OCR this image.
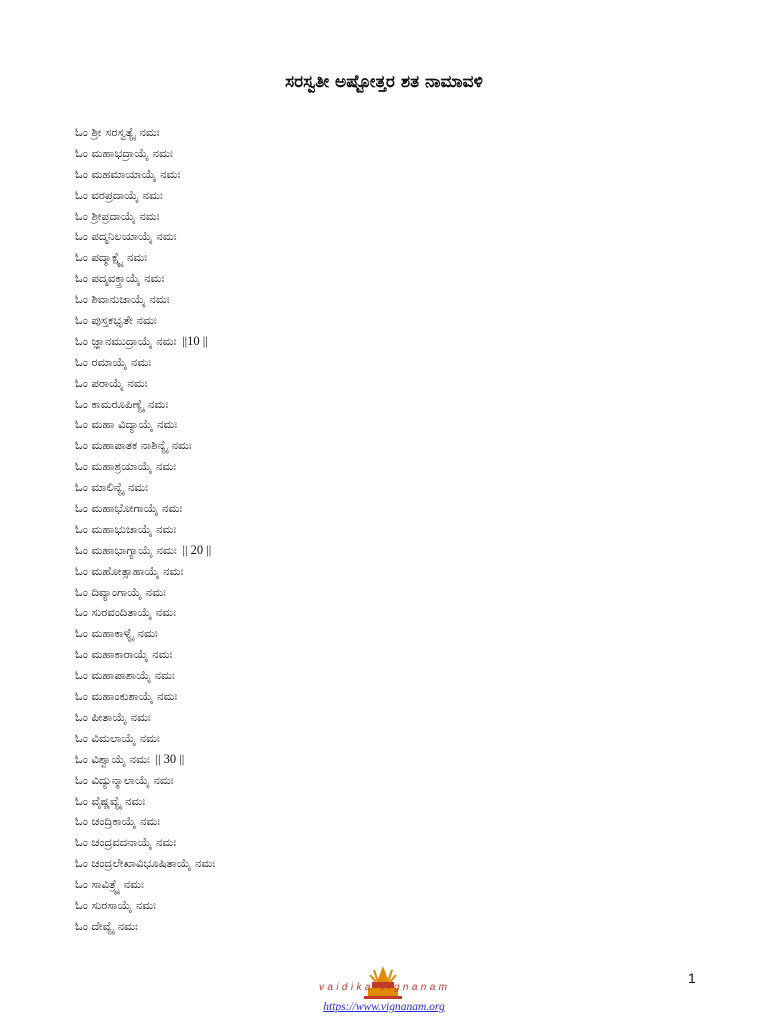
ಸರಸ್ವತೀ ಅಷ್ಟೋತ್ತರ ಶತ ನಾಮಾವಳಿ
ಓಂ ಶ್ರೀ ಸರಸ್ವತ್ಯೈ ನಮಃ
ಓಂ ಮಹಾಭದ್ರಾಯೈ ನಮಃ
ಓಂ ಮಹಮಾಯಾಯೈ ನಮಃ
ಓಂ ವರಪ್ರದಾಯೈ ನಮಃ
ಓಂ ಶ್ರೀಪ್ರದಾಯೈ ನಮಃ
ಓಂ ಪದ್ಮನಿಲಯಾಯೈ ನಮಃ
ಓಂ ಪದ್ಮಾಕ್ಷ್ಯೈ ನಮಃ
ಓಂ ಪದ್ಮವಕ್ತ್ರಾಯೈ ನಮಃ
ಓಂ ಶಿವಾನುಜಾಯೈ ನಮಃ
ಓಂ ಪುಸ್ತಕಭೃತೇ ನಮಃ
ಓಂ ಜ್ಞಾನಮುದ್ರಾಯೈ ನಮಃ ||10 ||
ಓಂ ರಮಾಯೈ ನಮಃ
ಓಂ ಪರಾಯೈ ನಮಃ
ಓಂ ಕಾಮರೂಪಿಣ್ಯೈ ನಮಃ
ಓಂ ಮಹಾ ವಿದ್ಯಾಯೈ ನಮಃ
ಓಂ ಮಹಾಪಾತಕ ನಾಶಿನ್ಯೈ ನಮಃ
ಓಂ ಮಹಾಶ್ರಯಾಯೈ ನಮಃ
ಓಂ ಮಾಲಿನ್ಯೈ ನಮಃ
ಓಂ ಮಹಾಭೋಗಾಯೈ ನಮಃ
ಓಂ ಮಹಾಭುಜಾಯೈ ನಮಃ
ಓಂ ಮಹಾಭಾಗ್ಯಾಯೈ ನಮಃ || 20 ||
ಓಂ ಮಹೋತ್ಸಾಹಾಯೈ ನಮಃ
ಓಂ ದಿವ್ಯಾಂಗಾಯೈ ನಮಃ
ಓಂ ಸುರವಂದಿತಾಯೈ ನಮಃ
ಓಂ ಮಹಾಕಾಳ್ಯೈ ನಮಃ
ಓಂ ಮಹಾಕಾರಾಯೈ ನಮಃ
ಓಂ ಮಹಾಪಾಶಾಯೈ ನಮಃ
ಓಂ ಮಹಾಂಕುಶಾಯೈ ನಮಃ
ಓಂ ಪೀತಾಯೈ ನಮಃ
ಓಂ ವಿಮಲಾಯೈ ನಮಃ
ಓಂ ವಿಶ್ವಾಯೈ ನಮಃ || 30 ||
ಓಂ ವಿದ್ಯುನ್ಮಾಲಾಯೈ ನಮಃ
ಓಂ ವೈಷ್ಣವ್ಯೈ ನಮಃ
ಓಂ ಚಂದ್ರಿಕಾಯೈ ನಮಃ
ಓಂ ಚಂದ್ರವದನಾಯೈ ನಮಃ
ಓಂ ಚಂದ್ರಲೇಖಾವಿಭೂಷಿತಾಯೈ ನಮಃ
ಓಂ ಸಾವಿತ್ರ್ಯೈ ನಮಃ
ಓಂ ಸುರಸಾಯೈ ನಮಃ
ಓಂ ದೇವ್ಯೈ ನಮಃ
1
vaidika vignanam
https://www.vignanam.org
